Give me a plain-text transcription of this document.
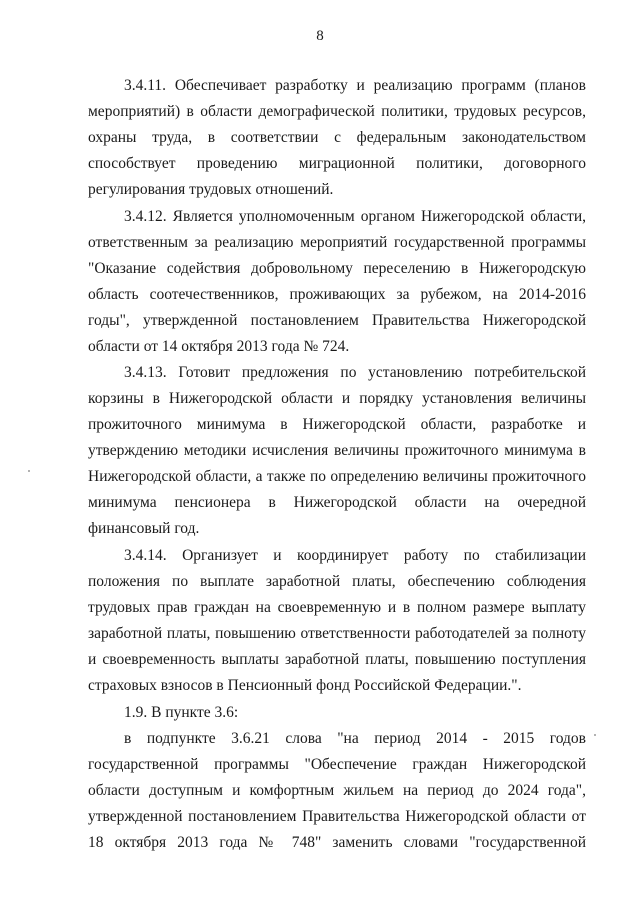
8
3.4.11. Обеспечивает разработку и реализацию программ (планов
мероприятий) в области демографической политики, трудовых ресурсов,
охраны труда, в соответствии с федеральным законодательством
способствует проведению миграционной политики, договорного
регулирования трудовых отношений.
3.4.12. Является уполномоченным органом Нижегородской области,
ответственным за реализацию мероприятий государственной программы
"Оказание содействия добровольному переселению в Нижегородскую
область соотечественников, проживающих за рубежом, на 2014-2016
годы", утвержденной постановлением Правительства Нижегородской
области от 14 октября 2013 года № 724.
3.4.13. Готовит предложения по установлению потребительской
корзины в Нижегородской области и порядку установления величины
прожиточного минимума в Нижегородской области, разработке и
утверждению методики исчисления величины прожиточного минимума в
Нижегородской области, а также по определению величины прожиточного
минимума пенсионера в Нижегородской области на очередной
финансовый год.
3.4.14. Организует и координирует работу по стабилизации
положения по выплате заработной платы, обеспечению соблюдения
трудовых прав граждан на своевременную и в полном размере выплату
заработной платы, повышению ответственности работодателей за полноту
и своевременность выплаты заработной платы, повышению поступления
страховых взносов в Пенсионный фонд Российской Федерации.".
1.9. В пункте 3.6:
в подпункте 3.6.21 слова "на период 2014 - 2015 годов
государственной программы "Обеспечение граждан Нижегородской
области доступным и комфортным жильем на период до 2024 года",
утвержденной постановлением Правительства Нижегородской области от
18 октября 2013 года № 748" заменить словами "государственной
